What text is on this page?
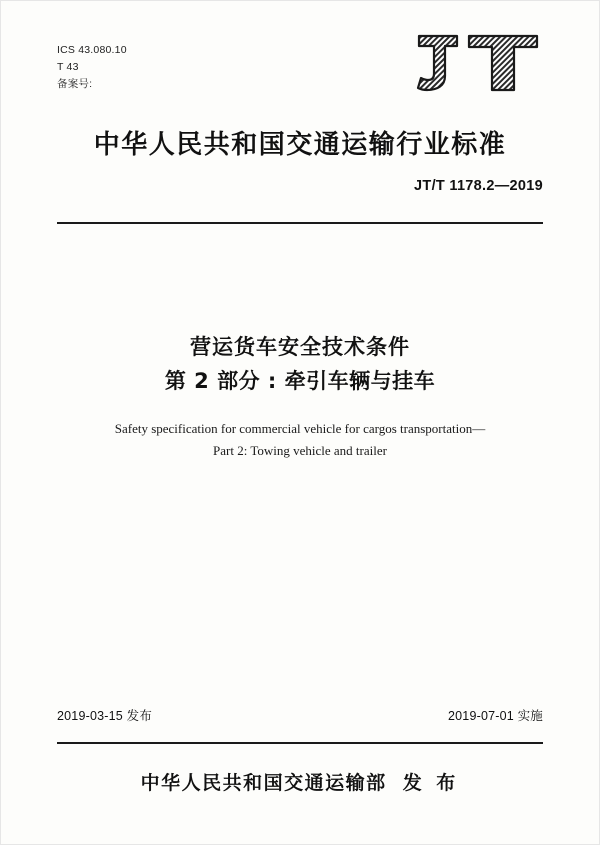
ICS 43.080.10
T 43
备案号:
中华人民共和国交通运输行业标准
JT/T 1178.2—2019
营运货车安全技术条件
第 2 部分 : 牵引车辆与挂车
Safety specification for commercial vehicle for cargos transportation—
Part 2: Towing vehicle and trailer
2019-03-15 发布	2019-07-01 实施
中华人民共和国交通运输部 发 布
